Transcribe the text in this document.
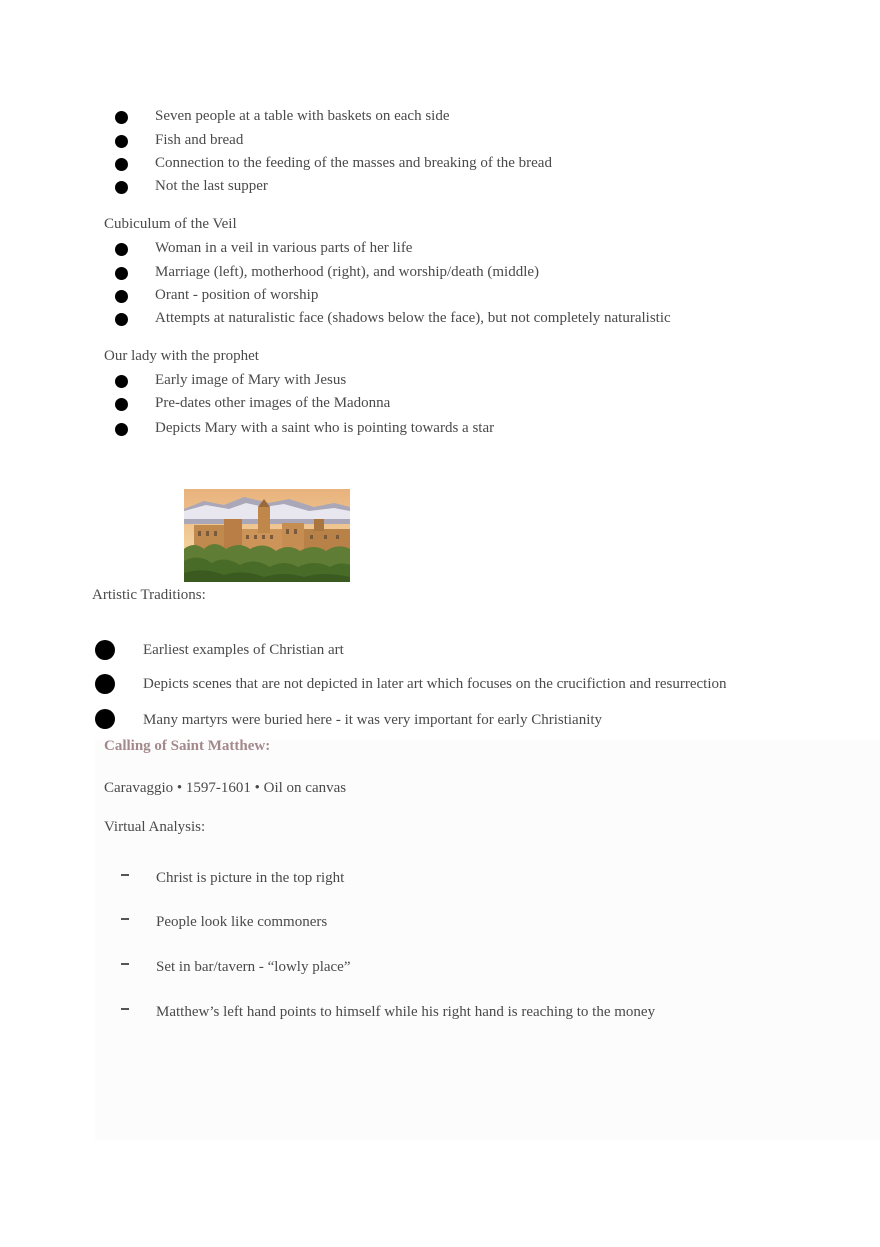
Seven people at a table with baskets on each side
Fish and bread
Connection to the feeding of the masses and breaking of the bread
Not the last supper
Cubiculum of the Veil
Woman in a veil in various parts of her life
Marriage (left), motherhood (right), and worship/death (middle)
Orant - position of worship
Attempts at naturalistic face (shadows below the face), but not completely naturalistic
Our lady with the prophet
Early image of Mary with Jesus
Pre-dates other images of the Madonna
Depicts Mary with a saint who is pointing towards a star
Artistic Traditions:
Earliest examples of Christian art
Depicts scenes that are not depicted in later art which focuses on the crucifiction and resurrection
Many martyrs were buried here - it was very important for early Christianity
Calling of Saint Matthew:
Caravaggio • 1597-1601 • Oil on canvas
Virtual Analysis:
Christ is picture in the top right
People look like commoners
Set in bar/tavern - “lowly place”
Matthew’s left hand points to himself while his right hand is reaching to the money
